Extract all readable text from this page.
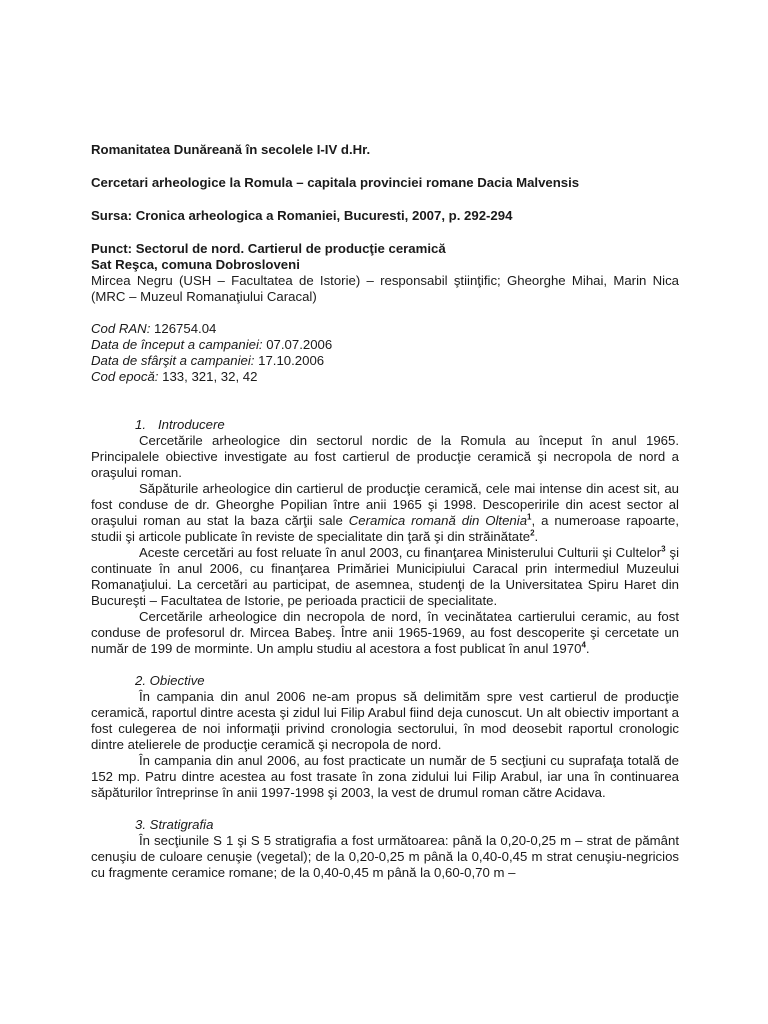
Romanitatea Dunăreană în secolele I-IV d.Hr.

Cercetari arheologice la Romula – capitala provinciei romane Dacia Malvensis

Sursa: Cronica arheologica a Romaniei, Bucuresti, 2007, p. 292-294

Punct: Sectorul de nord. Cartierul de producţie ceramică

Sat Reşca, comuna Dobrosloveni

Mircea Negru (USH – Facultatea de Istorie) – responsabil ştiinţific; Gheorghe Mihai, Marin Nica (MRC – Muzeul Romanaţiului Caracal)

Cod RAN: 126754.04

Data de început a campaniei: 07.07.2006

Data de sfârşit a campaniei: 17.10.2006

Cod epocă: 133, 321, 32, 42

1. Introducere

Cercetările arheologice din sectorul nordic de la Romula au început în anul 1965. Principalele obiective investigate au fost cartierul de producţie ceramică şi necropola de nord a oraşului roman.

Săpăturile arheologice din cartierul de producţie ceramică, cele mai intense din acest sit, au fost conduse de dr. Gheorghe Popilian între anii 1965 şi 1998. Descoperirile din acest sector al oraşului roman au stat la baza cărţii sale Ceramica romană din Oltenia$^1$, a numeroase rapoarte, studii şi articole publicate în reviste de specialitate din ţară şi din străinătate$^2$.

Aceste cercetări au fost reluate în anul 2003, cu finanţarea Ministerului Culturii şi Cultelor$^3$ şi continuate în anul 2006, cu finanţarea Primăriei Municipiului Caracal prin intermediul Muzeului Romanaţiului. La cercetări au participat, de asemnea, studenţi de la Universitatea Spiru Haret din Bucureşti – Facultatea de Istorie, pe perioada practicii de specialitate.

Cercetările arheologice din necropola de nord, în vecinătatea cartierului ceramic, au fost conduse de profesorul dr. Mircea Babeş. Între anii 1965-1969, au fost descoperite şi cercetate un număr de 199 de morminte. Un amplu studiu al acestora a fost publicat în anul 1970$^4$.

2. Obiective

În campania din anul 2006 ne-am propus să delimităm spre vest cartierul de producţie ceramică, raportul dintre acesta şi zidul lui Filip Arabul fiind deja cunoscut. Un alt obiectiv important a fost culegerea de noi informaţii privind cronologia sectorului, în mod deosebit raportul cronologic dintre atelierele de producţie ceramică şi necropola de nord.

În campania din anul 2006, au fost practicate un număr de 5 secţiuni cu suprafaţa totală de 152 mp. Patru dintre acestea au fost trasate în zona zidului lui Filip Arabul, iar una în continuarea săpăturilor întreprinse în anii 1997-1998 şi 2003, la vest de drumul roman către Acidava.

3. Stratigrafia

În secţiunile S 1 şi S 5 stratigrafia a fost următoarea: până la 0,20-0,25 m – strat de pământ cenuşiu de culoare cenuşie (vegetal); de la 0,20-0,25 m până la 0,40-0,45 m strat cenuşiu-negricios cu fragmente ceramice romane; de la 0,40-0,45 m până la 0,60-0,70 m –
